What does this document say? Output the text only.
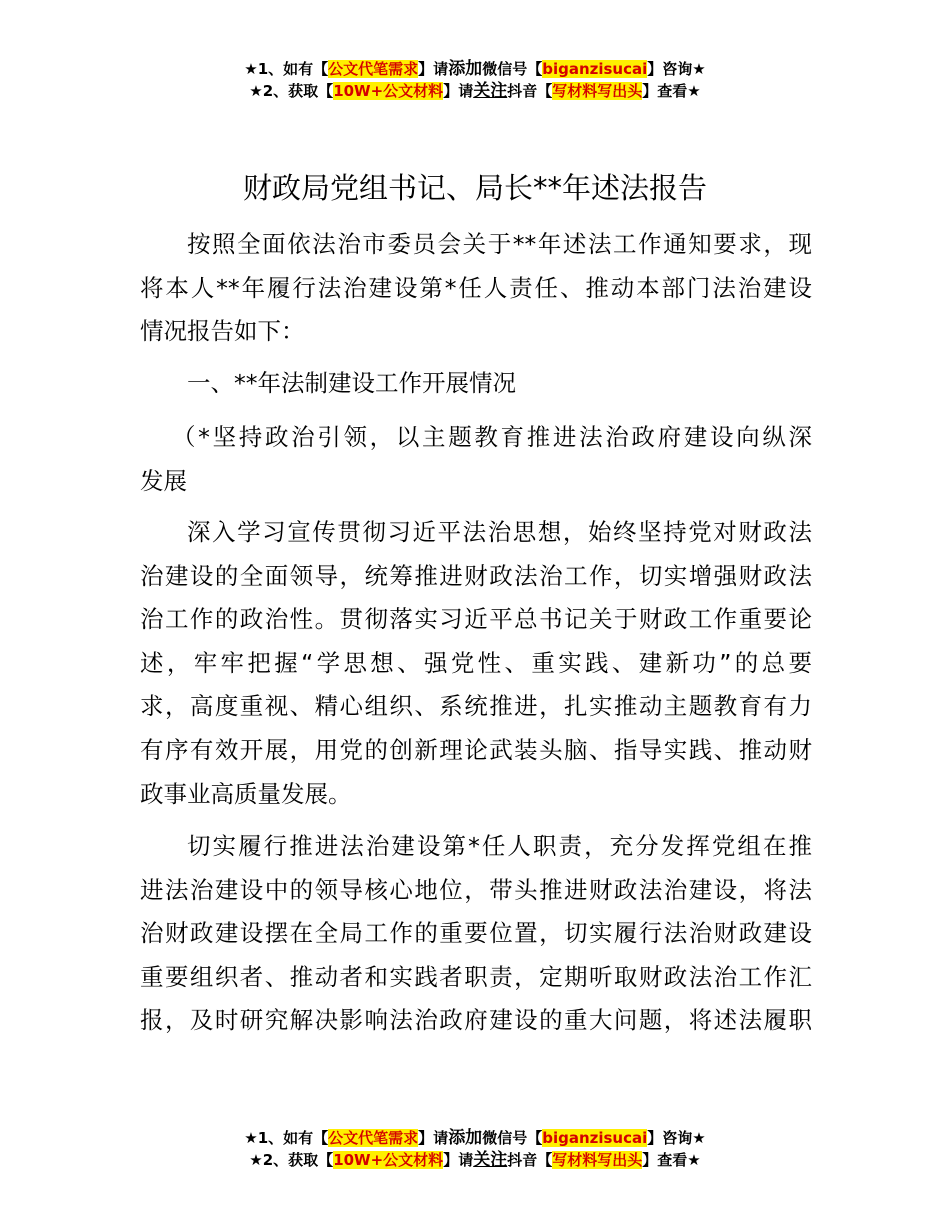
★1、如有【公文代笔需求】请添加微信号【biganzisucai】咨询★
★2、获取【10W+公文材料】请关注抖音【写材料写出头】查看★
财政局党组书记、局长**年述法报告
按照全面依法治市委员会关于**年述法工作通知要求，现
将本人**年履行法治建设第*任人责任、推动本部门法治建设
情况报告如下：
一、**年法制建设工作开展情况
（*坚持政治引领，以主题教育推进法治政府建设向纵深
发展
深入学习宣传贯彻习近平法治思想，始终坚持党对财政法
治建设的全面领导，统筹推进财政法治工作，切实增强财政法
治工作的政治性。贯彻落实习近平总书记关于财政工作重要论
述，牢牢把握“学思想、强党性、重实践、建新功”的总要
求，高度重视、精心组织、系统推进，扎实推动主题教育有力
有序有效开展，用党的创新理论武装头脑、指导实践、推动财
政事业高质量发展。
切实履行推进法治建设第*任人职责，充分发挥党组在推
进法治建设中的领导核心地位，带头推进财政法治建设，将法
治财政建设摆在全局工作的重要位置，切实履行法治财政建设
重要组织者、推动者和实践者职责，定期听取财政法治工作汇
报，及时研究解决影响法治政府建设的重大问题，将述法履职
★1、如有【公文代笔需求】请添加微信号【biganzisucai】咨询★
★2、获取【10W+公文材料】请关注抖音【写材料写出头】查看★
